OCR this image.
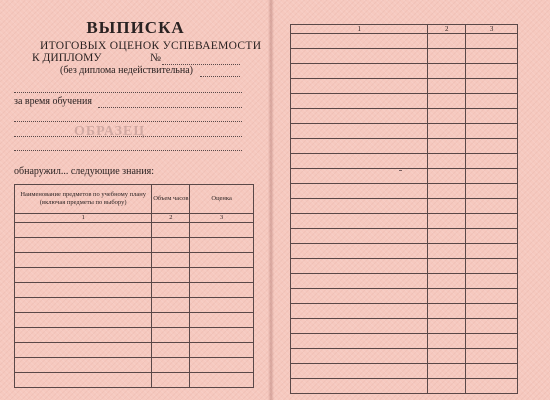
ВЫПИСКА
ИТОГОВЫХ ОЦЕНОК УСПЕВАЕМОСТИ
К ДИПЛОМУ	№
(без диплома недействительна)
за время обучения
ОБРАЗЕЦ
обнаружил... следующие знания:
Наименование предметов по учебному плану (включая предметы по выбору)	Объем часов	Оценка
1	2	3

1	2	3
